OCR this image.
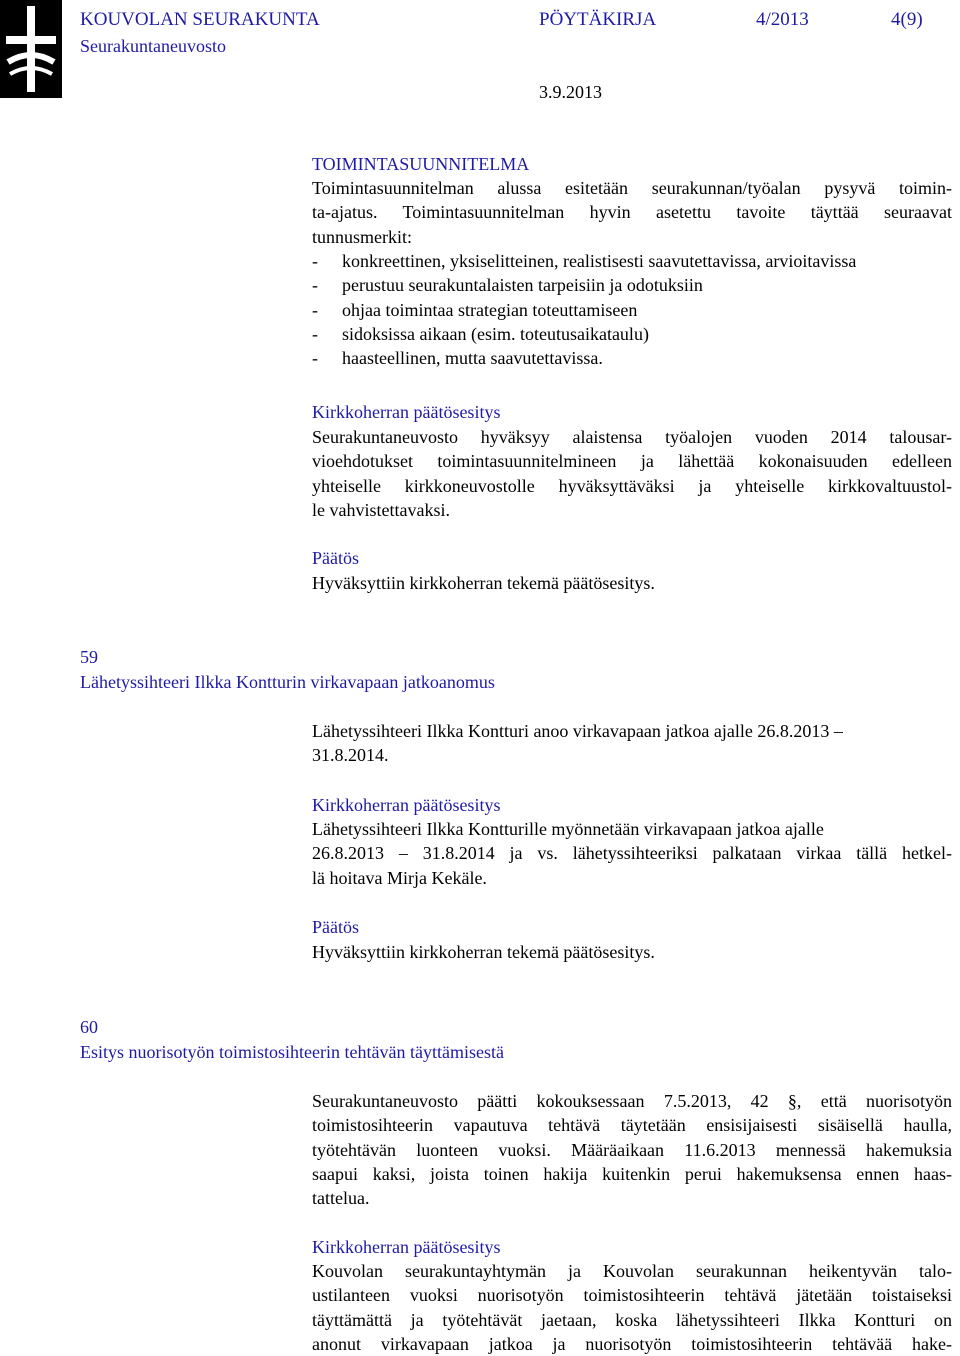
KOUVOLAN SEURAKUNTA	PÖYTÄKIRJA	4/2013	4(9)
Seurakuntaneuvosto
3.9.2013
TOIMINTASUUNNITELMA
Toimintasuunnitelman alussa esitetään seurakunnan/työalan pysyvä toimin-
ta-ajatus. Toimintasuunnitelman hyvin asetettu tavoite täyttää seuraavat
tunnusmerkit:
- konkreettinen, yksiselitteinen, realistisesti saavutettavissa, arvioitavissa
- perustuu seurakuntalaisten tarpeisiin ja odotuksiin
- ohjaa toimintaa strategian toteuttamiseen
- sidoksissa aikaan (esim. toteutusaikataulu)
- haasteellinen, mutta saavutettavissa.
Kirkkoherran päätösesitys
Seurakuntaneuvosto hyväksyy alaistensa työalojen vuoden 2014 talousar-
vioehdotukset toimintasuunnitelmineen ja lähettää kokonaisuuden edelleen
yhteiselle kirkkoneuvostolle hyväksyttäväksi ja yhteiselle kirkkovaltuustol-
le vahvistettavaksi.
Päätös
Hyväksyttiin kirkkoherran tekemä päätösesitys.
59
Lähetyssihteeri Ilkka Kontturin virkavapaan jatkoanomus
Lähetyssihteeri Ilkka Kontturi anoo virkavapaan jatkoa ajalle 26.8.2013 –
31.8.2014.
Kirkkoherran päätösesitys
Lähetyssihteeri Ilkka Kontturille myönnetään virkavapaan jatkoa ajalle
26.8.2013 – 31.8.2014 ja vs. lähetyssihteeriksi palkataan virkaa tällä hetkel-
lä hoitava Mirja Kekäle.
Päätös
Hyväksyttiin kirkkoherran tekemä päätösesitys.
60
Esitys nuorisotyön toimistosihteerin tehtävän täyttämisestä
Seurakuntaneuvosto päätti kokouksessaan 7.5.2013, 42 §, että nuorisotyön
toimistosihteerin vapautuva tehtävä täytetään ensisijaisesti sisäisellä haulla,
työtehtävän luonteen vuoksi. Määräaikaan 11.6.2013 mennessä hakemuksia
saapui kaksi, joista toinen hakija kuitenkin perui hakemuksensa ennen haas-
tattelua.
Kirkkoherran päätösesitys
Kouvolan seurakuntayhtymän ja Kouvolan seurakunnan heikentyvän talo-
ustilanteen vuoksi nuorisotyön toimistosihteerin tehtävä jätetään toistaiseksi
täyttämättä ja työtehtävät jaetaan, koska lähetyssihteeri Ilkka Kontturi on
anonut virkavapaan jatkoa ja nuorisotyön toimistosihteerin tehtävää hake-
